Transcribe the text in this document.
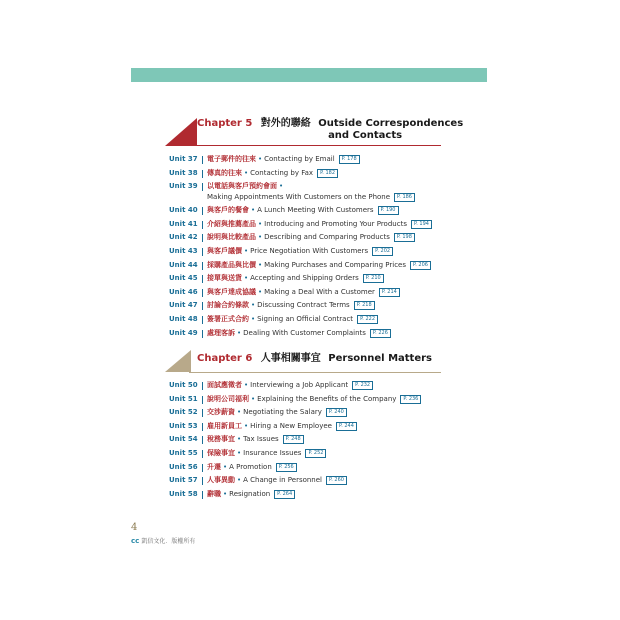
Chapter 5 對外的聯絡 Outside Correspondences
and Contacts
Unit 37	電子郵件的往來 • Contacting by Email P. 178
Unit 38	傳真的往來 • Contacting by Fax P. 182
Unit 39	以電話與客戶預約會面 •
Making Appointments With Customers on the Phone P. 186
Unit 40	與客戶的餐會 • A Lunch Meeting With Customers P. 190
Unit 41	介紹與推薦產品 • Introducing and Promoting Your Products P. 194
Unit 42	說明與比較產品 • Describing and Comparing Products P. 198
Unit 43	與客戶議價 • Price Negotiation With Customers P. 202
Unit 44	採購產品與比價 • Making Purchases and Comparing Prices P. 206
Unit 45	接單與送貨 • Accepting and Shipping Orders P. 210
Unit 46	與客戶達成協議 • Making a Deal With a Customer P. 214
Unit 47	討論合約條款 • Discussing Contract Terms P. 218
Unit 48	簽署正式合約 • Signing an Official Contract P. 222
Unit 49	處理客訴 • Dealing With Customer Complaints P. 226
Chapter 6 人事相關事宜 Personnel Matters
Unit 50	面試應徵者 • Interviewing a Job Applicant P. 232
Unit 51	說明公司福利 • Explaining the Benefits of the Company P. 236
Unit 52	交涉薪資 • Negotiating the Salary P. 240
Unit 53	雇用新員工 • Hiring a New Employee P. 244
Unit 54	稅務事宜 • Tax Issues P. 248
Unit 55	保險事宜 • Insurance Issues P. 252
Unit 56	升遷 • A Promotion P. 256
Unit 57	人事異動 • A Change in Personnel P. 260
Unit 58	辭職 • Resignation P. 264
4
cc 凱信文化．版權所有
